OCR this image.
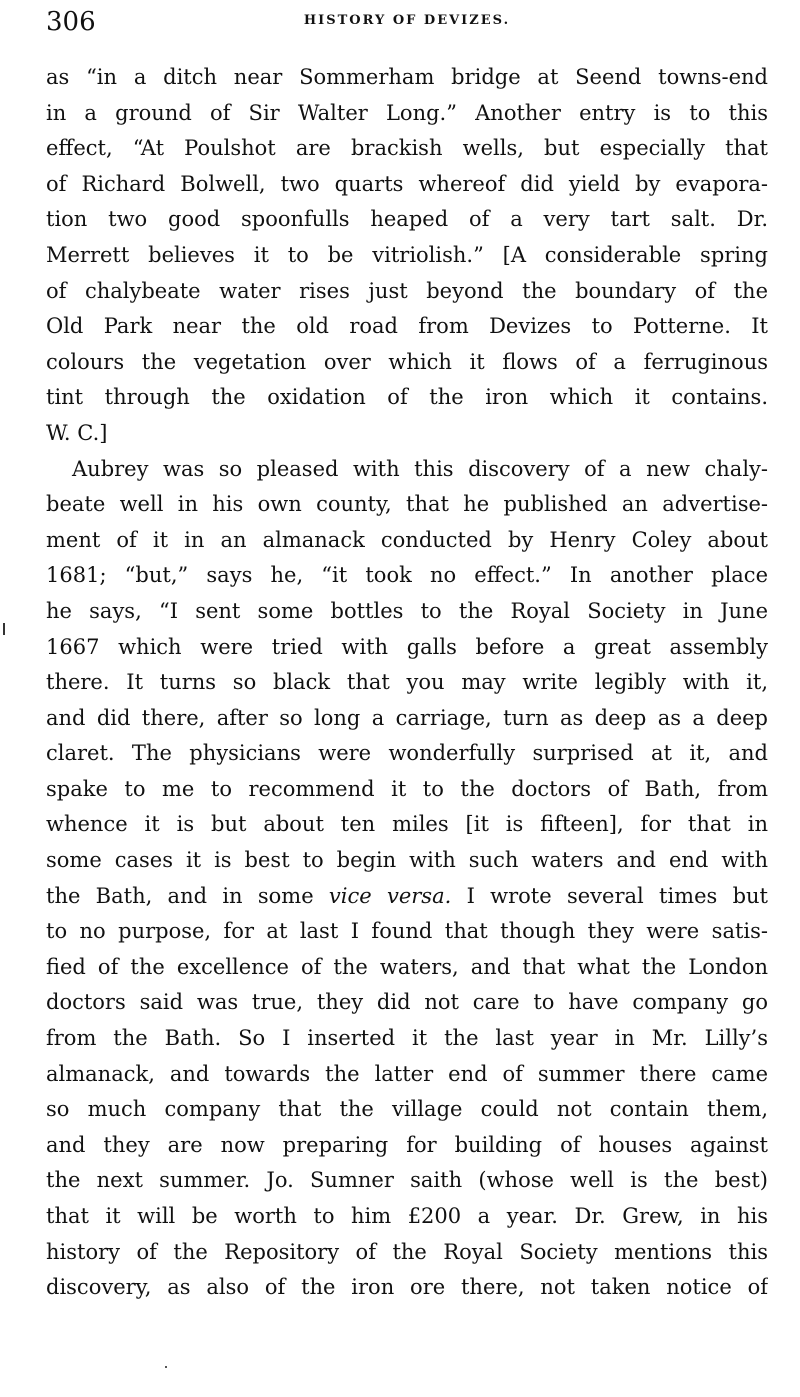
306	HISTORY OF DEVIZES.
as “in a ditch near Sommerham bridge at Seend towns-end
in a ground of Sir Walter Long.” Another entry is to this
effect, “At Poulshot are brackish wells, but especially that
of Richard Bolwell, two quarts whereof did yield by evapora-
tion two good spoonfulls heaped of a very tart salt. Dr.
Merrett believes it to be vitriolish.” [A considerable spring
of chalybeate water rises just beyond the boundary of the
Old Park near the old road from Devizes to Potterne. It
colours the vegetation over which it flows of a ferruginous
tint through the oxidation of the iron which it contains.
W. C.]
Aubrey was so pleased with this discovery of a new chaly-
beate well in his own county, that he published an advertise-
ment of it in an almanack conducted by Henry Coley about
1681; “but,” says he, “it took no effect.” In another place
he says, “I sent some bottles to the Royal Society in June
1667 which were tried with galls before a great assembly
there. It turns so black that you may write legibly with it,
and did there, after so long a carriage, turn as deep as a deep
claret. The physicians were wonderfully surprised at it, and
spake to me to recommend it to the doctors of Bath, from
whence it is but about ten miles [it is fifteen], for that in
some cases it is best to begin with such waters and end with
the Bath, and in some vice versa. I wrote several times but
to no purpose, for at last I found that though they were satis-
fied of the excellence of the waters, and that what the London
doctors said was true, they did not care to have company go
from the Bath. So I inserted it the last year in Mr. Lilly’s
almanack, and towards the latter end of summer there came
so much company that the village could not contain them,
and they are now preparing for building of houses against
the next summer. Jo. Sumner saith (whose well is the best)
that it will be worth to him £200 a year. Dr. Grew, in his
history of the Repository of the Royal Society mentions this
discovery, as also of the iron ore there, not taken notice of
